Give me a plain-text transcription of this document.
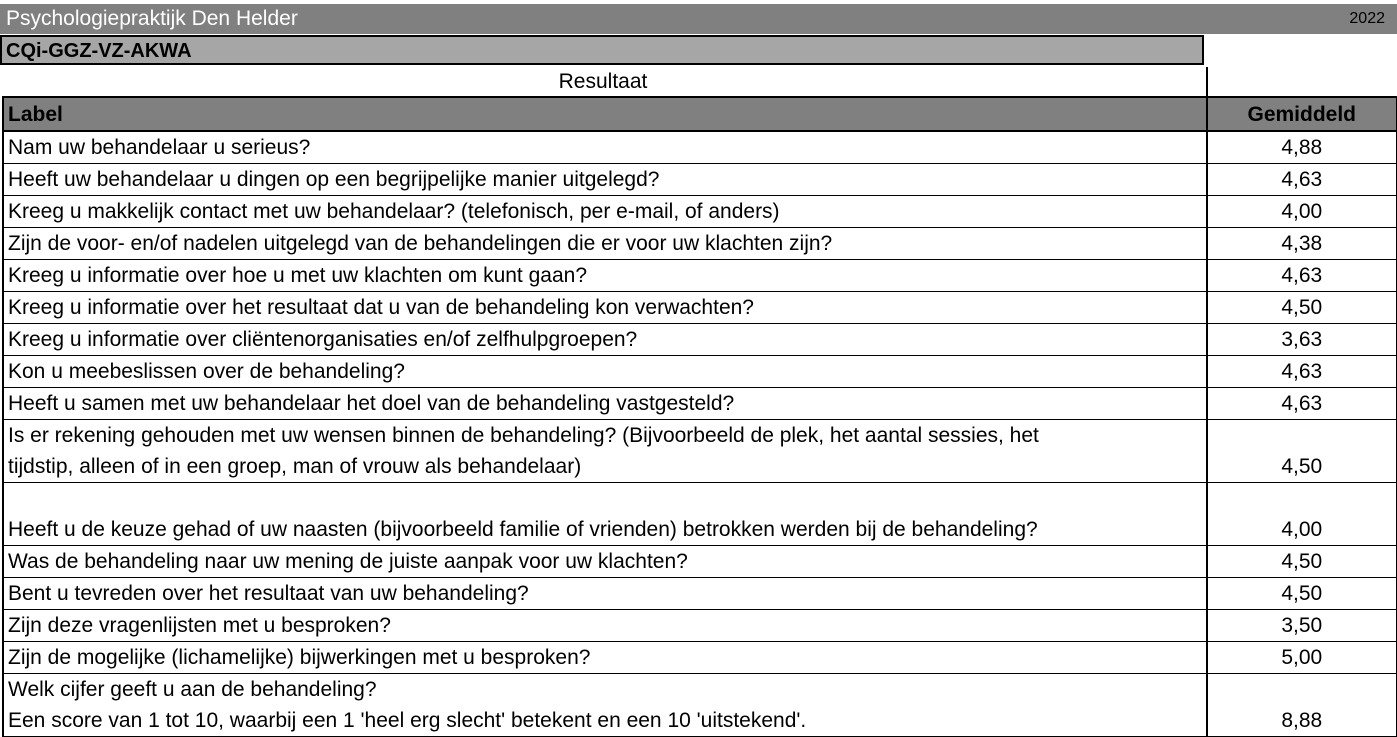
Psychologiepraktijk Den Helder	2022
CQi-GGZ-VZ-AKWA
Resultaat
Label	Gemiddeld
Nam uw behandelaar u serieus?	4,88
Heeft uw behandelaar u dingen op een begrijpelijke manier uitgelegd?	4,63
Kreeg u makkelijk contact met uw behandelaar? (telefonisch, per e-mail, of anders)	4,00
Zijn de voor- en/of nadelen uitgelegd van de behandelingen die er voor uw klachten zijn?	4,38
Kreeg u informatie over hoe u met uw klachten om kunt gaan?	4,63
Kreeg u informatie over het resultaat dat u van de behandeling kon verwachten?	4,50
Kreeg u informatie over cliëntenorganisaties en/of zelfhulpgroepen?	3,63
Kon u meebeslissen over de behandeling?	4,63
Heeft u samen met uw behandelaar het doel van de behandeling vastgesteld?	4,63

Is er rekening gehouden met uw wensen binnen de behandeling? (Bijvoorbeeld de plek, het aantal sessies, het
tijdstip, alleen of in een groep, man of vrouw als behandelaar)	4,50
Heeft u de keuze gehad of uw naasten (bijvoorbeeld familie of vrienden) betrokken werden bij de behandeling?	4,00
Was de behandeling naar uw mening de juiste aanpak voor uw klachten?	4,50
Bent u tevreden over het resultaat van uw behandeling?	4,50
Zijn deze vragenlijsten met u besproken?	3,50
Zijn de mogelijke (lichamelijke) bijwerkingen met u besproken?	5,00

Welk cijfer geeft u aan de behandeling?
Een score van 1 tot 10, waarbij een 1 'heel erg slecht' betekent en een 10 'uitstekend'.	8,88
